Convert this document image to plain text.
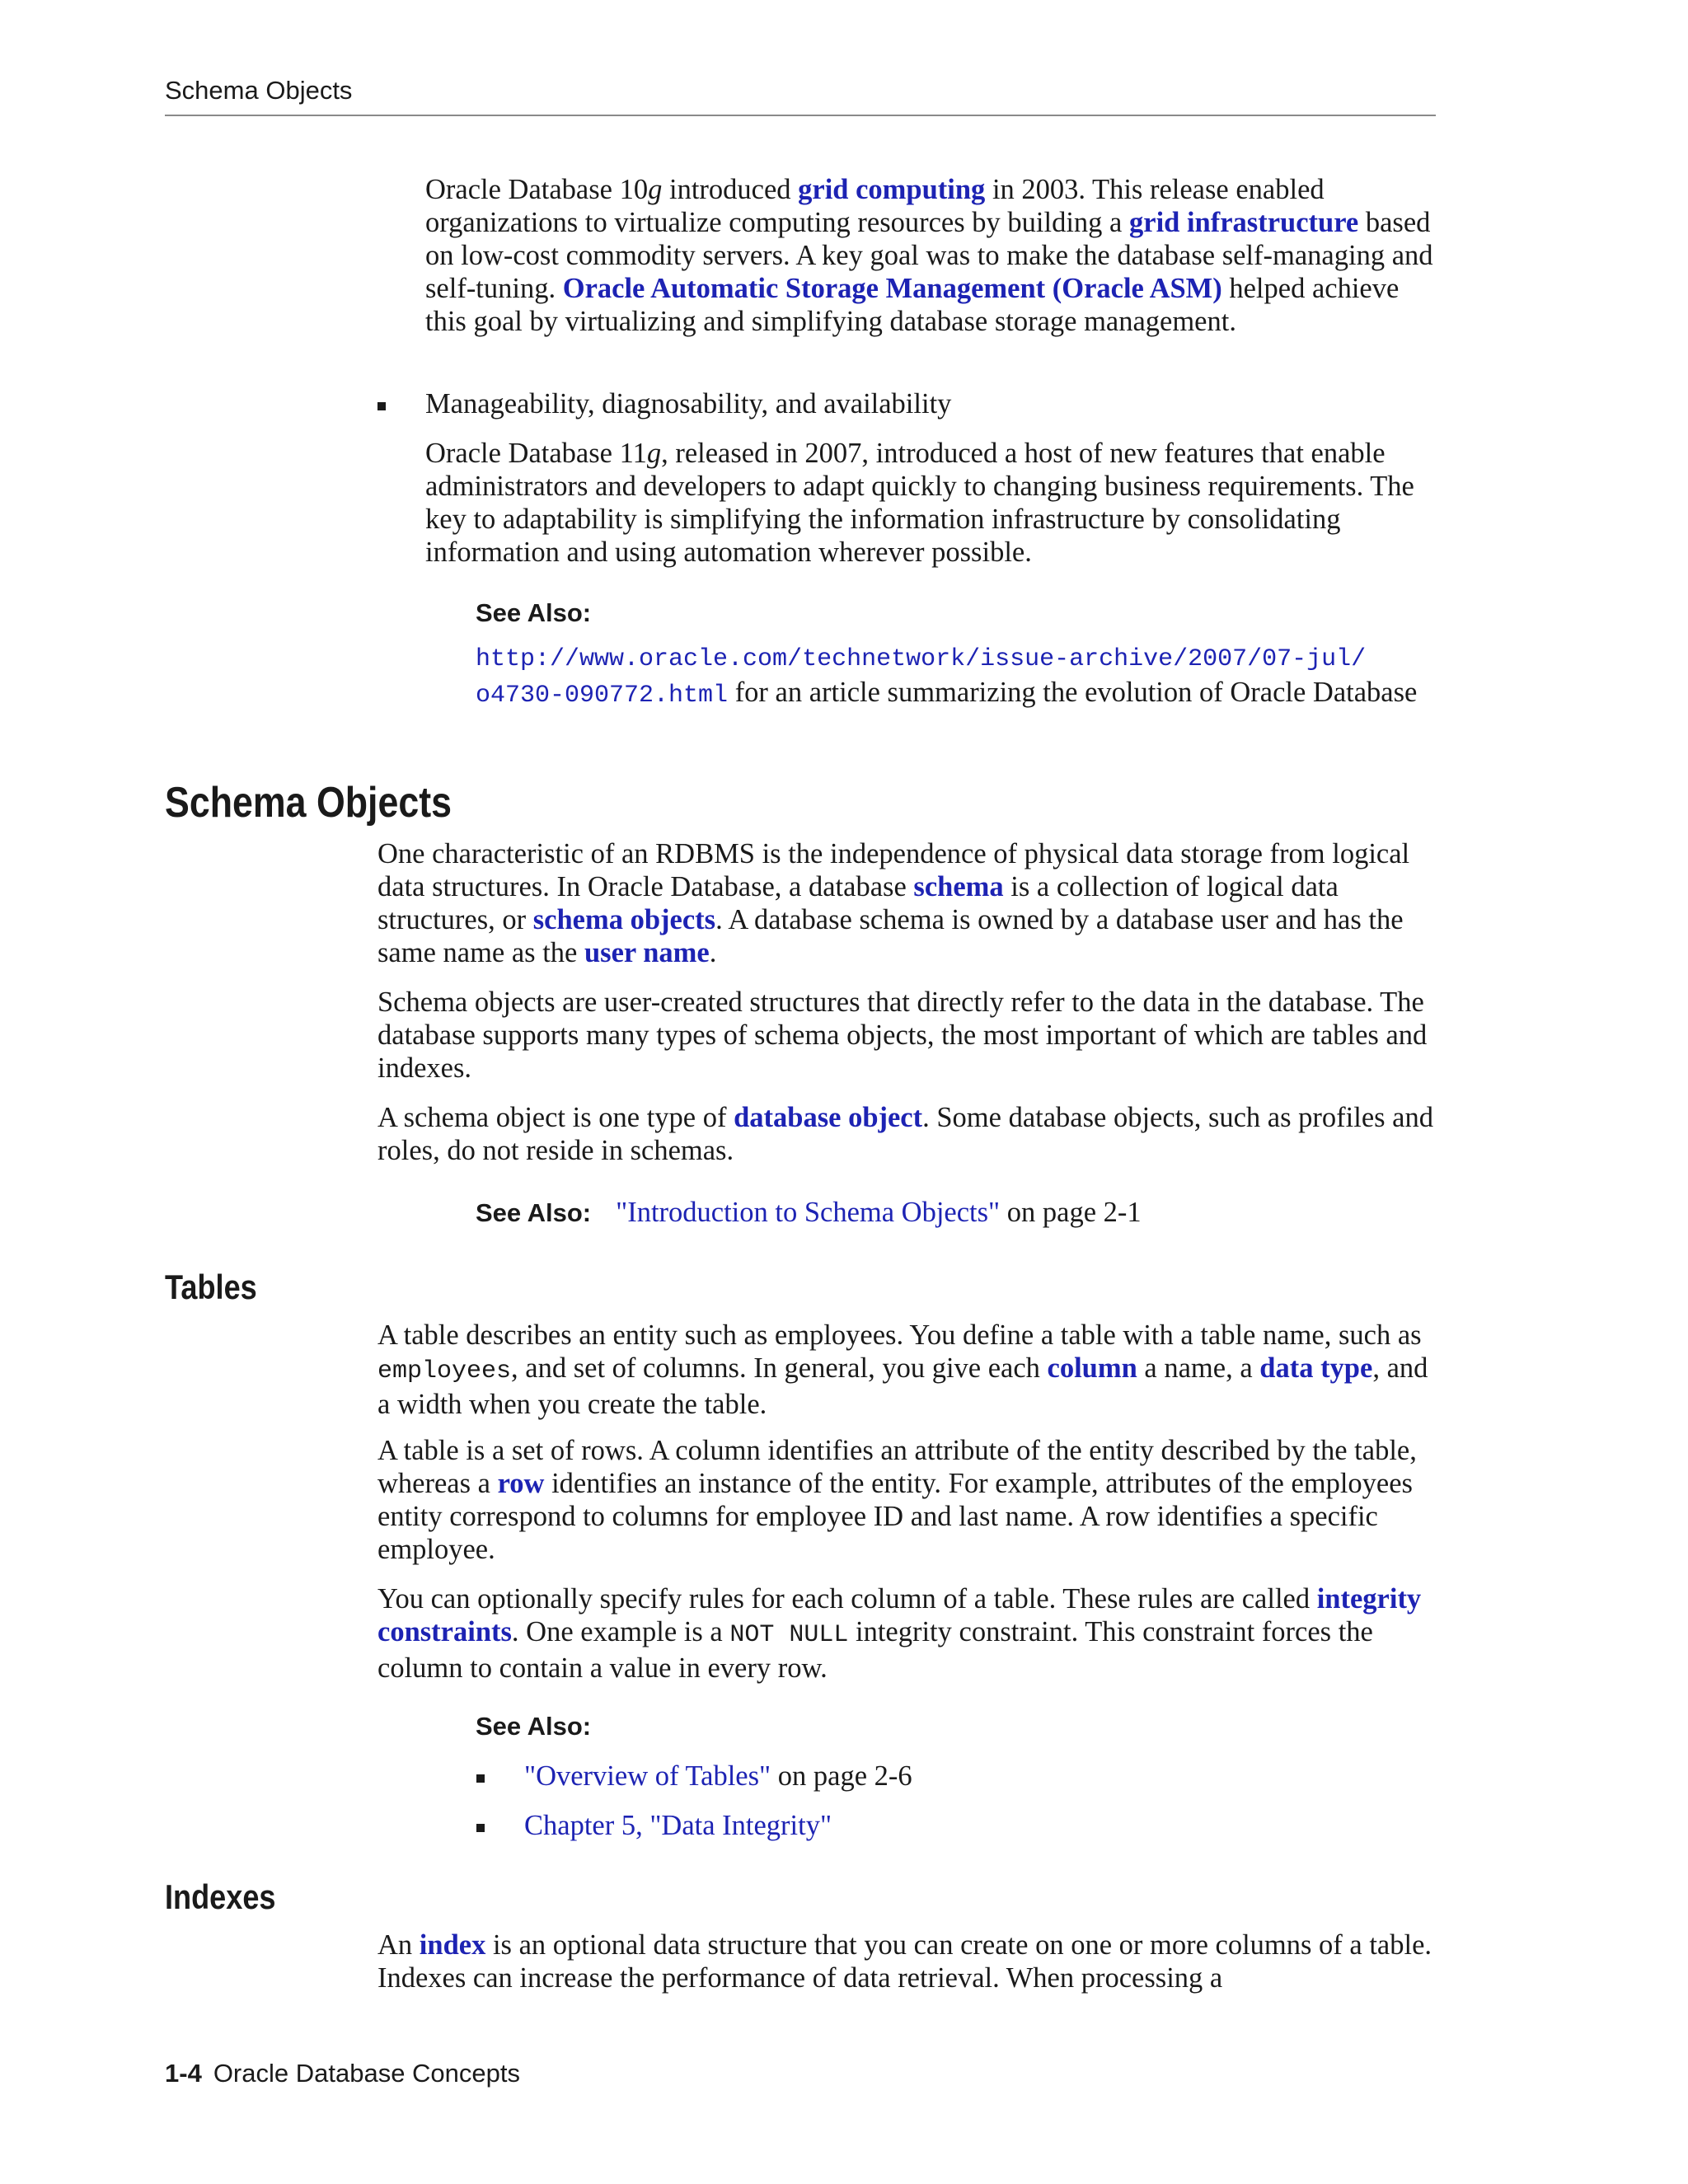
Schema Objects

Oracle Database 10g introduced grid computing in 2003. This release enabled organizations to virtualize computing resources by building a grid infrastructure based on low-cost commodity servers. A key goal was to make the database self-managing and self-tuning. Oracle Automatic Storage Management (Oracle ASM) helped achieve this goal by virtualizing and simplifying database storage management.

Manageability, diagnosability, and availability

Oracle Database 11g, released in 2007, introduced a host of new features that enable administrators and developers to adapt quickly to changing business requirements. The key to adaptability is simplifying the information infrastructure by consolidating information and using automation wherever possible.

See Also:
http://www.oracle.com/technetwork/issue-archive/2007/07-jul/
o4730-090772.html for an article summarizing the evolution of Oracle Database
Schema Objects

One characteristic of an RDBMS is the independence of physical data storage from logical data structures. In Oracle Database, a database schema is a collection of logical data structures, or schema objects. A database schema is owned by a database user and has the same name as the user name.

Schema objects are user-created structures that directly refer to the data in the database. The database supports many types of schema objects, the most important of which are tables and indexes.

A schema object is one type of database object. Some database objects, such as profiles and roles, do not reside in schemas.

See Also: "Introduction to Schema Objects" on page 2-1
Tables

A table describes an entity such as employees. You define a table with a table name, such as employees, and set of columns. In general, you give each column a name, a data type, and a width when you create the table.

A table is a set of rows. A column identifies an attribute of the entity described by the table, whereas a row identifies an instance of the entity. For example, attributes of the employees entity correspond to columns for employee ID and last name. A row identifies a specific employee.

You can optionally specify rules for each column of a table. These rules are called integrity constraints. One example is a NOT NULL integrity constraint. This constraint forces the column to contain a value in every row.

See Also:
"Overview of Tables" on page 2-6
Chapter 5, "Data Integrity"
Indexes

An index is an optional data structure that you can create on one or more columns of a table. Indexes can increase the performance of data retrieval. When processing a

1-4 Oracle Database Concepts
